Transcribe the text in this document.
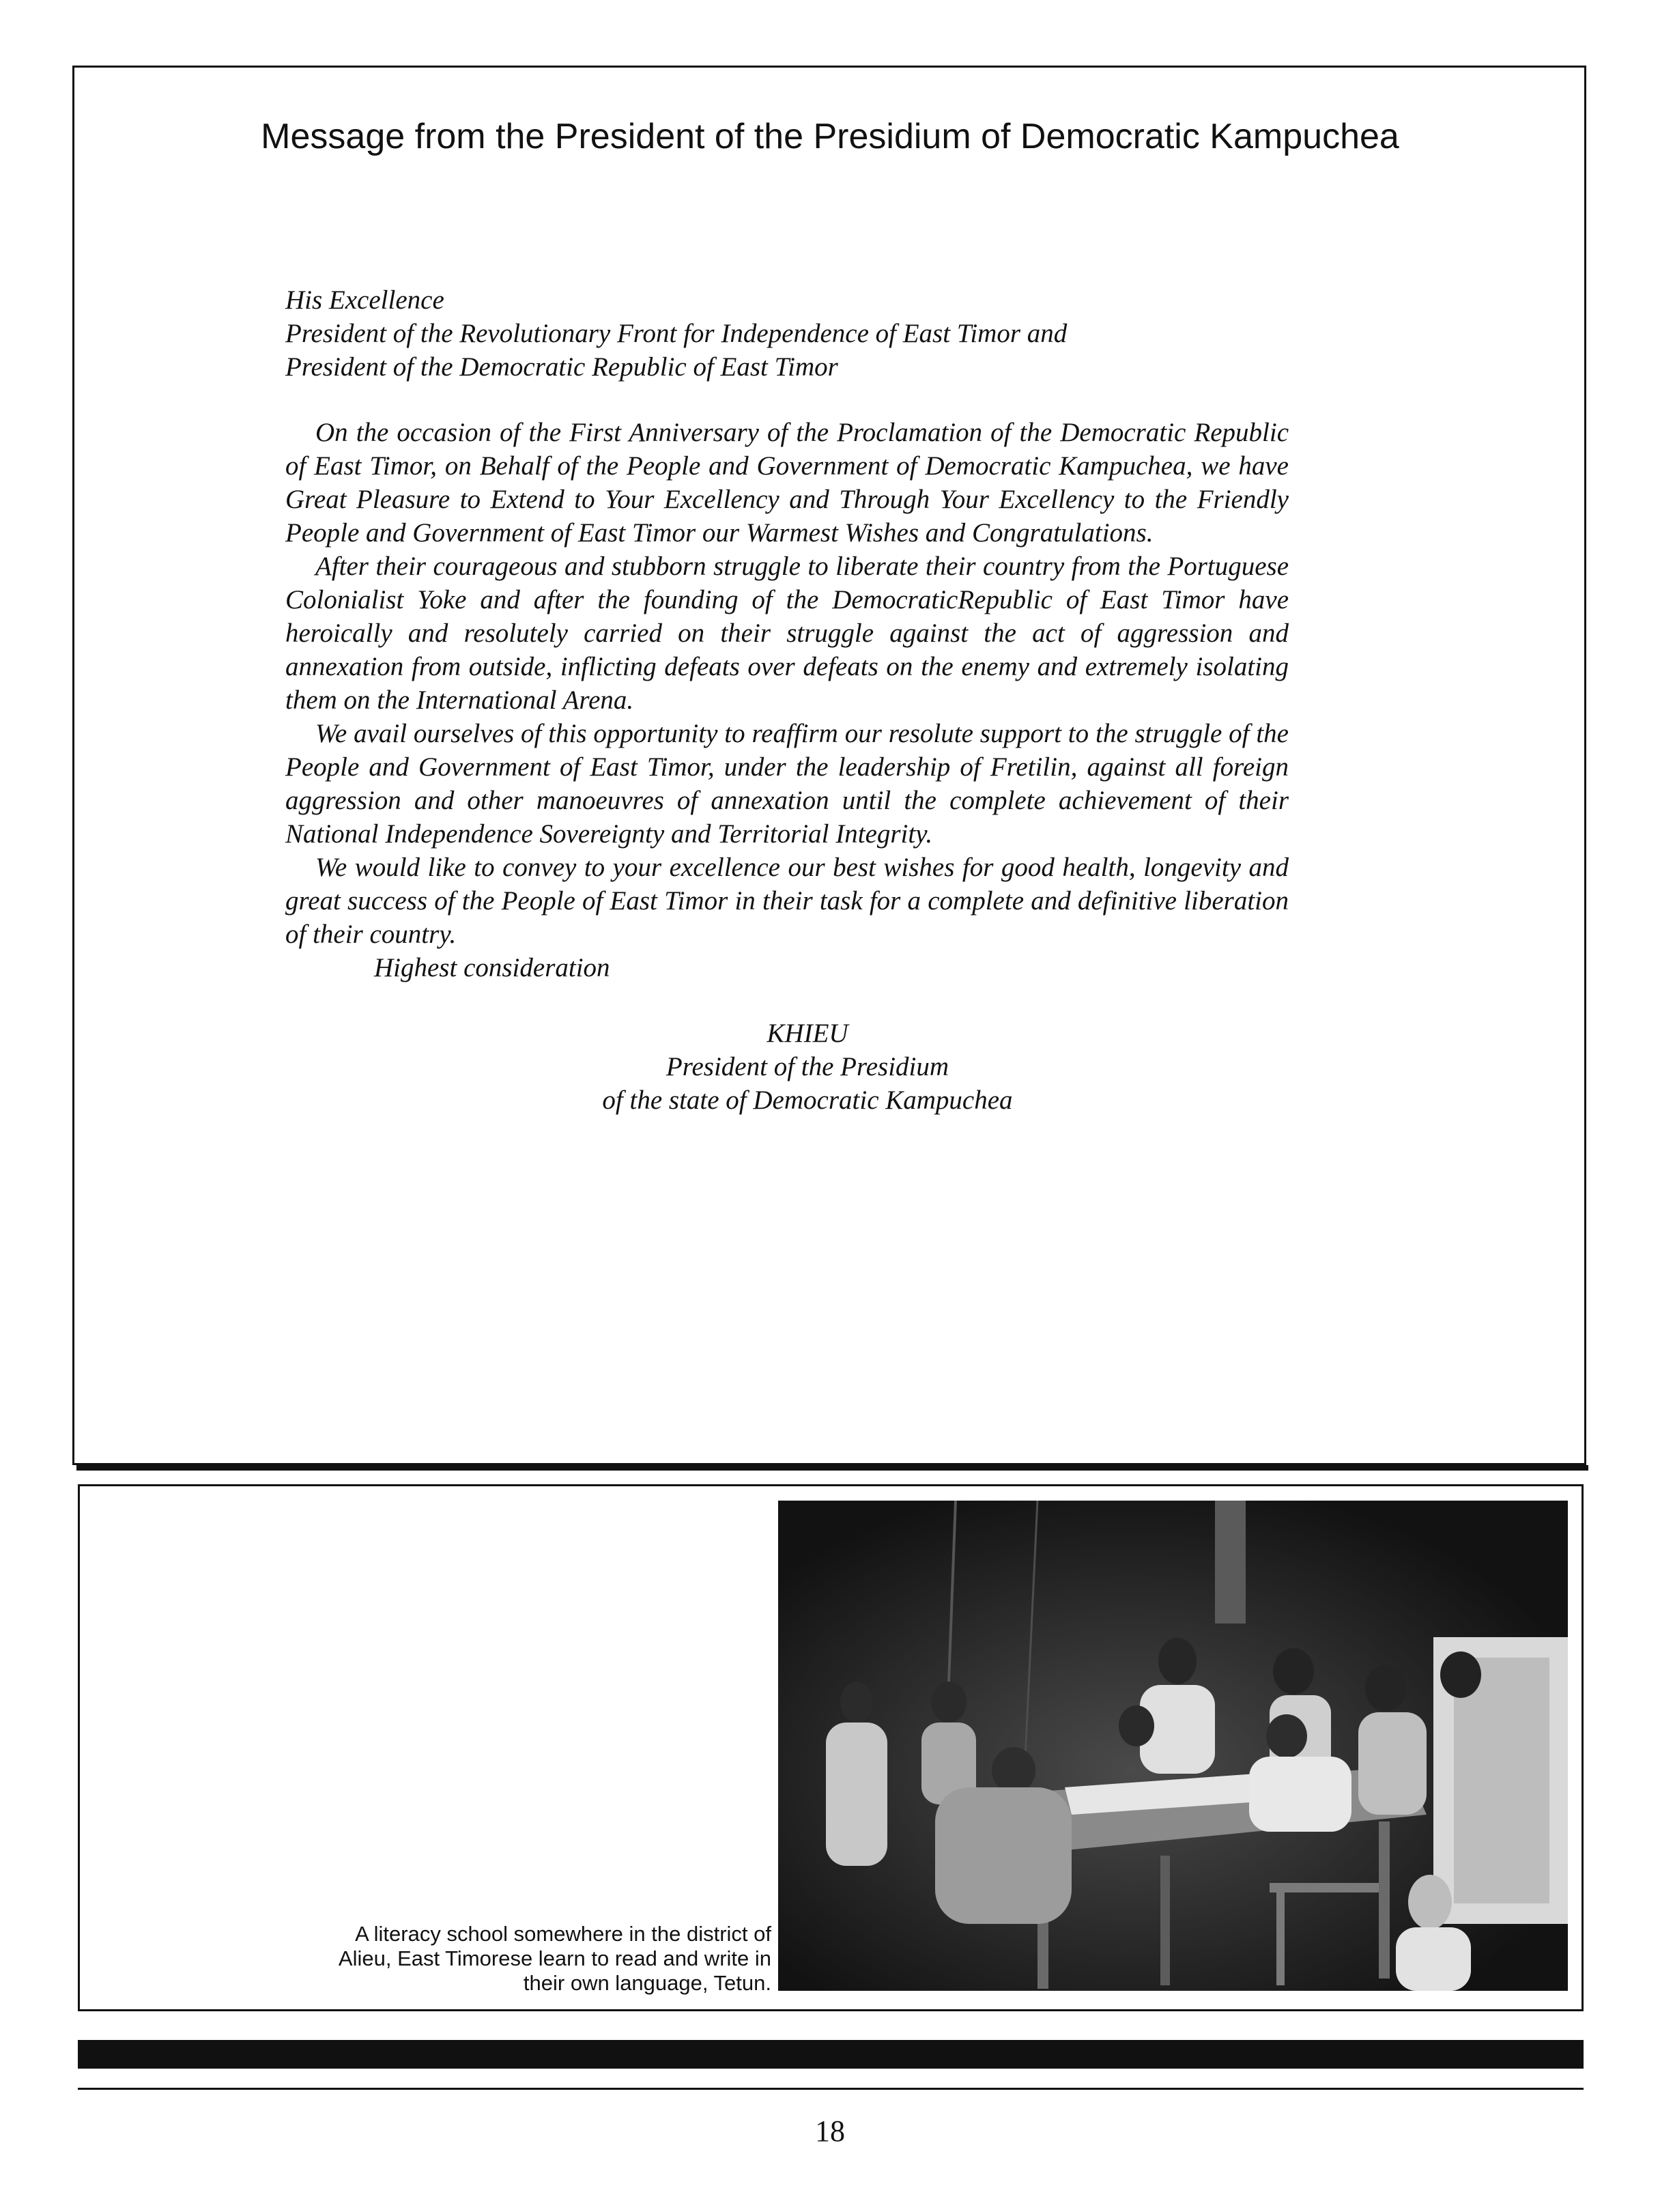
Message from the President of the Presidium of Democratic Kampuchea
His Excellence
President of the Revolutionary Front for Independence of East Timor and
President of the Democratic Republic of East Timor

On the occasion of the First Anniversary of the Proclamation of the Democratic Republic of East Timor, on Behalf of the People and Government of Democratic Kampuchea, we have Great Pleasure to Extend to Your Excellency and Through Your Excellency to the Friendly People and Government of East Timor our Warmest Wishes and Congratulations.

After their courageous and stubborn struggle to liberate their country from the Portuguese Colonialist Yoke and after the founding of the DemocraticRepublic of East Timor have heroically and resolutely carried on their struggle against the act of aggression and annexation from outside, inflicting defeats over defeats on the enemy and extremely isolating them on the International Arena.

We avail ourselves of this opportunity to reaffirm our resolute support to the struggle of the People and Government of East Timor, under the leadership of Fretilin, against all foreign aggression and other manoeuvres of annexation until the complete achievement of their National Independence Sovereignty and Territorial Integrity.

We would like to convey to your excellence our best wishes for good health, longevity and great success of the People of East Timor in their task for a complete and definitive liberation of their country.

Highest consideration
KHIEU
President of the Presidium
of the state of Democratic Kampuchea
A literacy school somewhere in the district of
Alieu, East Timorese learn to read and write in
their own language, Tetun.
18
